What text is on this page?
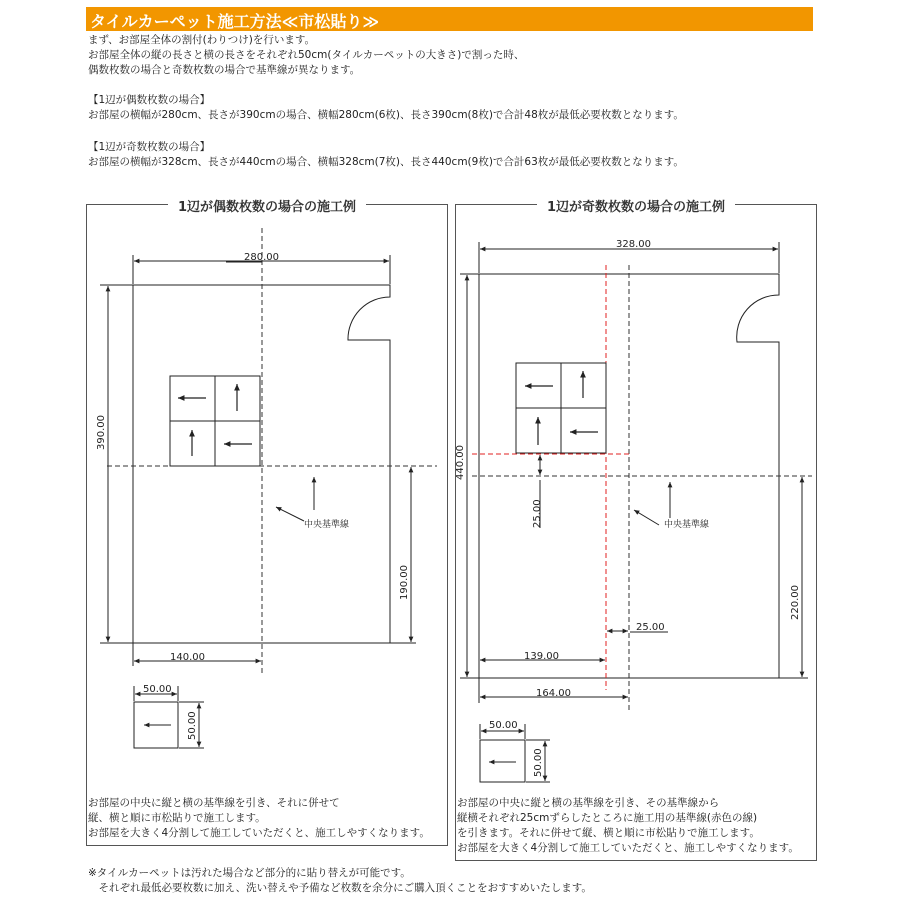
タイルカーペット施工方法≪市松貼り≫
まず、お部屋全体の割付(わりつけ)を行います。
お部屋全体の縦の長さと横の長さをそれぞれ50cm(タイルカーペットの大きさ)で割った時、
偶数枚数の場合と奇数枚数の場合で基準線が異なります。
【1辺が偶数枚数の場合】
お部屋の横幅が280cm、長さが390cmの場合、横幅280cm(6枚)、長さ390cm(8枚)で合計48枚が最低必要枚数となります。
【1辺が奇数枚数の場合】
お部屋の横幅が328cm、長さが440cmの場合、横幅328cm(7枚)、長さ440cm(9枚)で合計63枚が最低必要枚数となります。
1辺が偶数枚数の場合の施工例	1辺が奇数枚数の場合の施工例
280.00
390.00
190.00
140.00
中央基準線
50.00
50.00
328.00
440.00
25.00
220.00
25.00
139.00
164.00
中央基準線
50.00
50.00
お部屋の中央に縦と横の基準線を引き、それに併せて
縦、横と順に市松貼りで施工します。
お部屋を大きく4分割して施工していただくと、施工しやすくなります。
お部屋の中央に縦と横の基準線を引き、その基準線から
縦横それぞれ25cmずらしたところに施工用の基準線(赤色の線)
を引きます。それに併せて縦、横と順に市松貼りで施工します。
お部屋を大きく4分割して施工していただくと、施工しやすくなります。
※タイルカーペットは汚れた場合など部分的に貼り替えが可能です。
　それぞれ最低必要枚数に加え、洗い替えや予備など枚数を余分にご購入頂くことをおすすめいたします。
